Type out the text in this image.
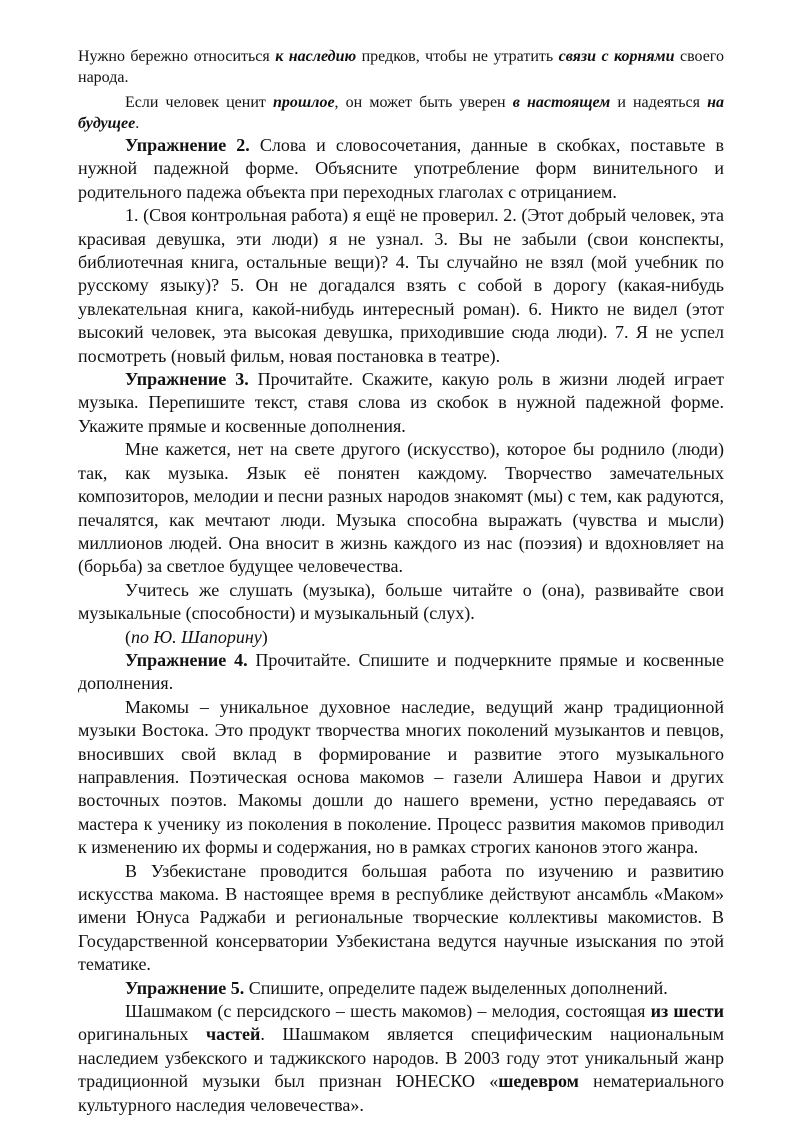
Нужно бережно относиться к наследию предков, чтобы не утратить связи с корнями своего народа.

Если человек ценит прошлое, он может быть уверен в настоящем и надеяться на будущее.

Упражнение 2. Слова и словосочетания, данные в скобках, поставьте в нужной падежной форме. Объясните употребление форм винительного и родительного падежа объекта при переходных глаголах с отрицанием.

1. (Своя контрольная работа) я ещё не проверил. 2. (Этот добрый человек, эта красивая девушка, эти люди) я не узнал. 3. Вы не забыли (свои конспекты, библиотечная книга, остальные вещи)? 4. Ты случайно не взял (мой учебник по русскому языку)? 5. Он не догадался взять с собой в дорогу (какая-нибудь увлекательная книга, какой-нибудь интересный роман). 6. Никто не видел (этот высокий человек, эта высокая девушка, приходившие сюда люди). 7. Я не успел посмотреть (новый фильм, новая постановка в театре).

Упражнение 3. Прочитайте. Скажите, какую роль в жизни людей играет музыка. Перепишите текст, ставя слова из скобок в нужной падежной форме. Укажите прямые и косвенные дополнения.

Мне кажется, нет на свете другого (искусство), которое бы роднило (люди) так, как музыка. Язык её понятен каждому. Творчество замечательных композиторов, мелодии и песни разных народов знакомят (мы) с тем, как радуются, печалятся, как мечтают люди. Музыка способна выражать (чувства и мысли) миллионов людей. Она вносит в жизнь каждого из нас (поэзия) и вдохновляет на (борьба) за светлое будущее человечества.

Учитесь же слушать (музыка), больше читайте о (она), развивайте свои музыкальные (способности) и музыкальный (слух).

(по Ю. Шапорину)

Упражнение 4. Прочитайте. Спишите и подчеркните прямые и косвенные дополнения.

Макомы – уникальное духовное наследие, ведущий жанр традиционной музыки Востока. Это продукт творчества многих поколений музыкантов и певцов, вносивших свой вклад в формирование и развитие этого музыкального направления. Поэтическая основа макомов – газели Алишера Навои и других восточных поэтов. Макомы дошли до нашего времени, устно передаваясь от мастера к ученику из поколения в поколение. Процесс развития макомов приводил к изменению их формы и содержания, но в рамках строгих канонов этого жанра.

В Узбекистане проводится большая работа по изучению и развитию искусства макома. В настоящее время в республике действуют ансамбль «Маком» имени Юнуса Раджаби и региональные творческие коллективы макомистов. В Государственной консерватории Узбекистана ведутся научные изыскания по этой тематике.

Упражнение 5. Спишите, определите падеж выделенных дополнений.

Шашмаком (с персидского – шесть макомов) – мелодия, состоящая из шести оригинальных частей. Шашмаком является специфическим национальным наследием узбекского и таджикского народов. В 2003 году этот уникальный жанр традиционной музыки был признан ЮНЕСКО «шедевром нематериального культурного наследия человечества».
